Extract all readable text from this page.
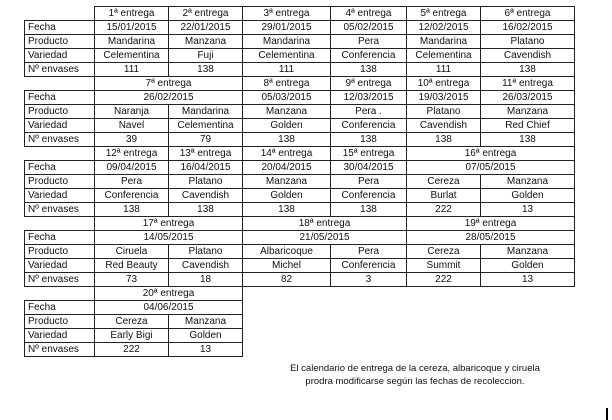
	1ª entrega	2ª entrega	3ª entrega	4ª entrega	5ª entrega	6ª entrega
Fecha	15/01/2015	22/01/2015	29/01/2015	05/02/2015	12/02/2015	16/02/2015
Producto	Mandarina	Manzana	Mandarina	Pera	Mandarina	Platano
Variedad	Celementina	Fuji	Celementina	Conferencia	Celementina	Cavendish
Nº envases	111	138	111	138	111	138
	7ª entrega		8ª entrega	9ª entrega	10ª entrega	11ª entrega
Fecha	26/02/2015		05/03/2015	12/03/2015	19/03/2015	26/03/2015
Producto	Naranja	Mandarina	Manzana	Pera .	Platano	Manzana
Variedad	Navel	Celementina	Golden	Conferencia	Cavendish	Red Chief
Nº envases	39	79	138	138	138	138
	12ª entrega	13ª entrega	14ª entrega	15ª entrega	16ª entrega	
Fecha	09/04/2015	16/04/2015	20/04/2015	30/04/2015	07/05/2015	
Producto	Pera	Platano	Manzana	Pera	Cereza	Manzana
Variedad	Conferencia	Cavendish	Golden	Conferencia	Burlat	Golden
Nº envases	138	138	138	138	222	13
	17ª entrega		18ª entrega		19ª entrega	
Fecha	14/05/2015		21/05/2015		28/05/2015	
Producto	Ciruela	Platano	Albaricoque	Pera	Cereza	Manzana
Variedad	Red Beauty	Cavendish	Michel	Conferencia	Summit	Golden
Nº envases	73	18	82	3	222	13
	20ª entrega					
Fecha	04/06/2015					
Producto	Cereza	Manzana				
Variedad	Early Bigi	Golden				
Nº envases	222	13				
El calendario de entrega de la cereza, albaricoque y ciruela
prodra modificarse según las fechas de recoleccion.
